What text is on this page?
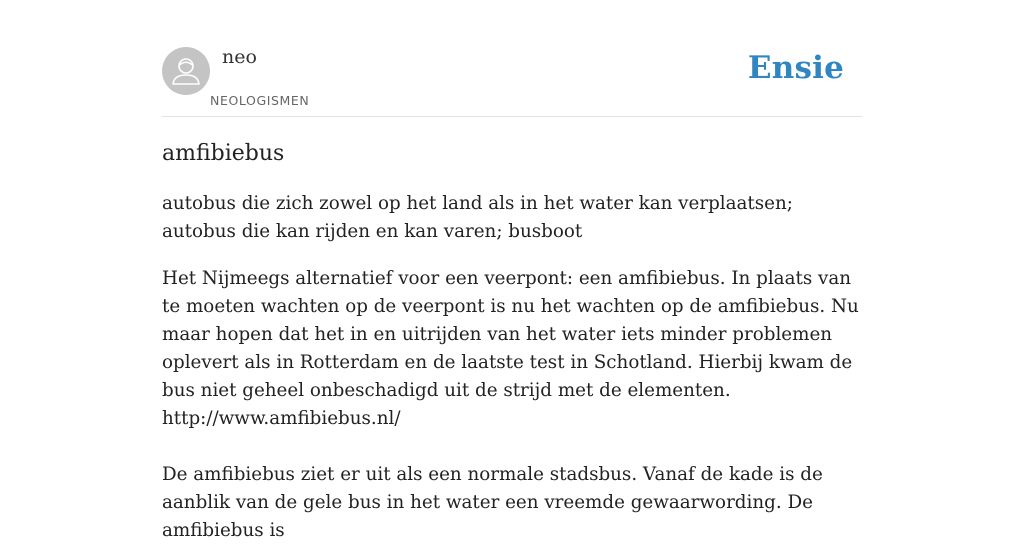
neo
NEOLOGISMEN
Ensie
amfibiebus

autobus die zich zowel op het land als in het water kan verplaatsen; autobus die kan rijden en kan varen; busboot

Het Nijmeegs alternatief voor een veerpont: een amfibiebus. In plaats van te moeten wachten op de veerpont is nu het wachten op de amfibiebus. Nu maar hopen dat het in en uitrijden van het water iets minder problemen oplevert als in Rotterdam en de laatste test in Schotland. Hierbij kwam de bus niet geheel onbeschadigd uit de strijd met de elementen.
http://www.amfibiebus.nl/

De amfibiebus ziet er uit als een normale stadsbus. Vanaf de kade is de aanblik van de gele bus in het water een vreemde gewaarwording. De amfibiebus is
